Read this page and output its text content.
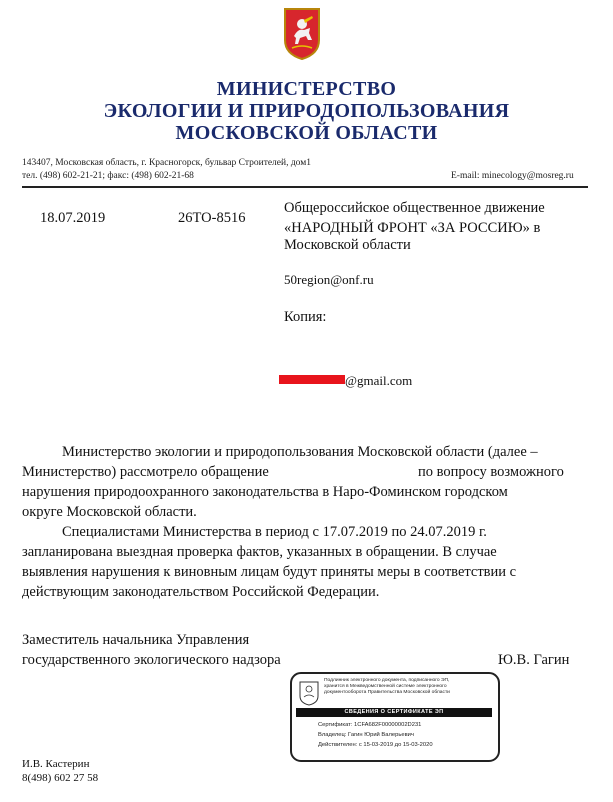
МИНИСТЕРСТВО
ЭКОЛОГИИ И ПРИРОДОПОЛЬЗОВАНИЯ
МОСКОВСКОЙ ОБЛАСТИ
143407, Московская область, г. Красногорск, бульвар Строителей, дом1
тел. (498) 602-21-21; факс: (498) 602-21-68	E-mail: minecology@mosreg.ru
18.07.2019	26ТО-8516
Общероссийское общественное движение
«НАРОДНЫЙ ФРОНТ «ЗА РОССИЮ» в
Московской области
50region@onf.ru
Копия:
@gmail.com
Министерство экологии и природопользования Московской области (далее –
Министерство) рассмотрело обращение	по вопросу возможного
нарушения природоохранного законодательства в Наро-Фоминском городском
округе Московской области.
Специалистами Министерства в период с 17.07.2019 по 24.07.2019 г.
запланирована выездная проверка фактов, указанных в обращении. В случае
выявления нарушения к виновным лицам будут приняты меры в соответствии с
действующим законодательством Российской Федерации.
Заместитель начальника Управления
государственного экологического надзора	Ю.В. Гагин
Подлинник электронного документа, подписанного ЭП,
хранится в Межведомственной системе электронного
документооборота Правительства Московской области
СВЕДЕНИЯ О СЕРТИФИКАТЕ ЭП
Сертификат: 1CFA682F00000002D231
Владелец: Гагин Юрий Валерьевич
Действителен: с 15-03-2019 до 15-03-2020
И.В. Кастерин
8(498) 602 27 58
